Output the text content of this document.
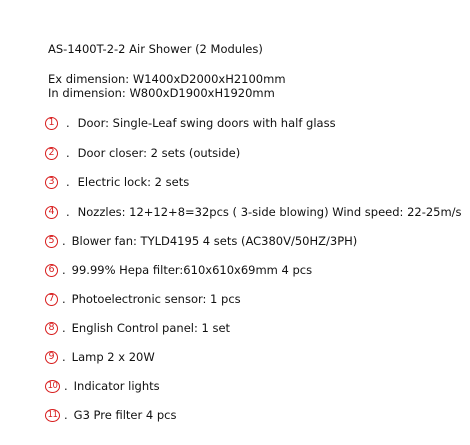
AS-1400T-2-2 Air Shower (2 Modules)
Ex dimension: W1400xD2000xH2100mm
In dimension: W800xD1900xH1920mm
1 . Door: Single-Leaf swing doors with half glass
2 . Door closer: 2 sets (outside)
3 . Electric lock: 2 sets
4 . Nozzles: 12+12+8=32pcs ( 3-side blowing) Wind speed: 22-25m/s
5 . Blower fan: TYLD4195 4 sets (AC380V/50HZ/3PH)
6 . 99.99% Hepa filter:610x610x69mm 4 pcs
7 . Photoelectronic sensor: 1 pcs
8 . English Control panel: 1 set
9 . Lamp 2 x 20W
10 . Indicator lights
11 . G3 Pre filter 4 pcs
